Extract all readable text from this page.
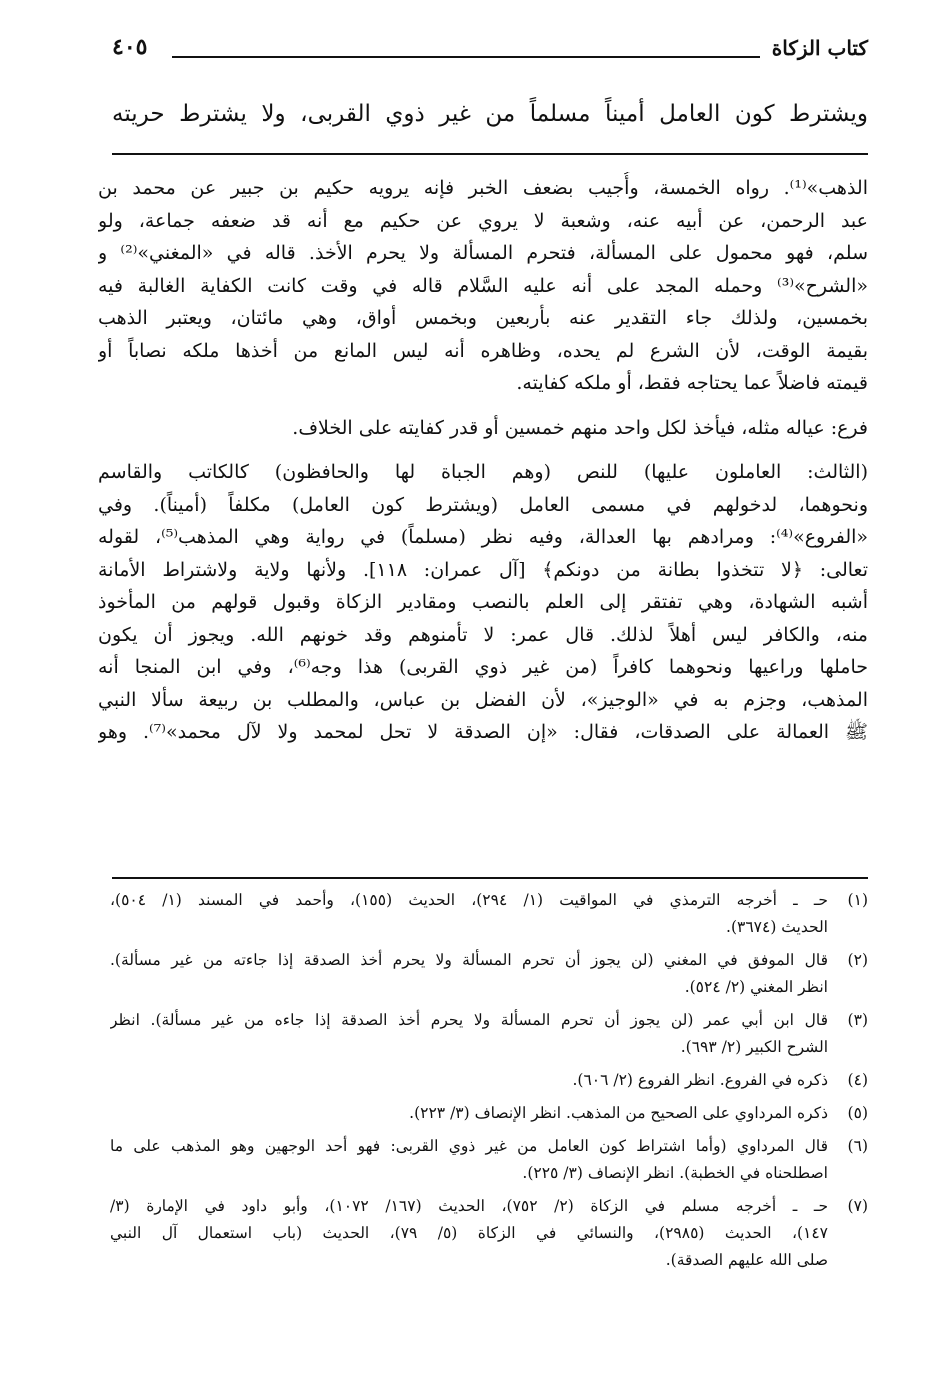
كتاب الزكاة
٤٠٥
ويشترط كون العامل أميناً مسلماً من غير ذوي القربى، ولا يشترط حريته
الذهب»⁽¹⁾. رواه الخمسة، وأُجيب بضعف الخبر فإنه يرويه حكيم بن جبير عن محمد بن
عبد الرحمن، عن أبيه عنه، وشعبة لا يروي عن حكيم مع أنه قد ضعفه جماعة، ولو
سلم، فهو محمول على المسألة، فتحرم المسألة ولا يحرم الأخذ. قاله في «المغني»⁽²⁾ و
«الشرح»⁽³⁾ وحمله المجد على أنه عليه السَّلام قاله في وقت كانت الكفاية الغالبة فيه
بخمسين، ولذلك جاء التقدير عنه بأربعين وبخمس أواق، وهي مائتان، ويعتبر الذهب
بقيمة الوقت، لأن الشرع لم يحده، وظاهره أنه ليس المانع من أخذها ملكه نصاباً أو
قيمته فاضلاً عما يحتاجه فقط، أو ملكه كفايته.
فرع: عياله مثله، فيأخذ لكل واحد منهم خمسين أو قدر كفايته على الخلاف.
(الثالث: العاملون عليها) للنص (وهم الجباة لها والحافظون) كالكاتب والقاسم
ونحوهما، لدخولهم في مسمى العامل (ويشترط كون العامل) مكلفاً (أميناً). وفي
«الفروع»⁽⁴⁾: ومرادهم بها العدالة، وفيه نظر (مسلماً) في رواية وهي المذهب⁽⁵⁾، لقوله
تعالى: ﴿لا تتخذوا بطانة من دونكم﴾ [آل عمران: ١١٨]. ولأنها ولاية ولاشتراط الأمانة
أشبه الشهادة، وهي تفتقر إلى العلم بالنصب ومقادير الزكاة وقبول قولهم من المأخوذ
منه، والكافر ليس أهلاً لذلك. قال عمر: لا تأمنوهم وقد خونهم الله. ويجوز أن يكون
حاملها وراعيها ونحوهما كافراً (من غير ذوي القربى) هذا وجه⁽⁶⁾، وفي ابن المنجا أنه
المذهب، وجزم به في «الوجيز»، لأن الفضل بن عباس، والمطلب بن ربيعة سألا النبي
ﷺ العمالة على الصدقات، فقال: «إن الصدقة لا تحل لمحمد ولا لآل محمد»⁽⁷⁾. وهو
(١)
حـ ـ أخرجه الترمذي في المواقيت (١/ ٢٩٤)، الحديث (١٥٥)، وأحمد في المسند (١/ ٥٠٤)،
الحديث (٣٦٧٤).
(٢)
قال الموفق في المغني (لن يجوز أن تحرم المسألة ولا يحرم أخذ الصدقة إذا جاءته من غير مسألة).
انظر المغني (٢/ ٥٢٤).
(٣)
قال ابن أبي عمر (لن يجوز أن تحرم المسألة ولا يحرم أخذ الصدقة إذا جاءه من غير مسألة). انظر
الشرح الكبير (٢/ ٦٩٣).
(٤)
ذكره في الفروع. انظر الفروع (٢/ ٦٠٦).
(٥)
ذكره المرداوي على الصحيح من المذهب. انظر الإنصاف (٣/ ٢٢٣).
(٦)
قال المرداوي (وأما اشتراط كون العامل من غير ذوي القربى: فهو أحد الوجهين وهو المذهب على ما
اصطلحناه في الخطبة). انظر الإنصاف (٣/ ٢٢٥).
(٧)
حـ ـ أخرجه مسلم في الزكاة (٢/ ٧٥٢)، الحديث (١٦٧/ ١٠٧٢)، وأبو داود في الإمارة (٣/
١٤٧)، الحديث (٢٩٨٥)، والنسائي في الزكاة (٥/ ٧٩)، الحديث (باب استعمال آل النبي
صلى الله عليهم الصدقة).
